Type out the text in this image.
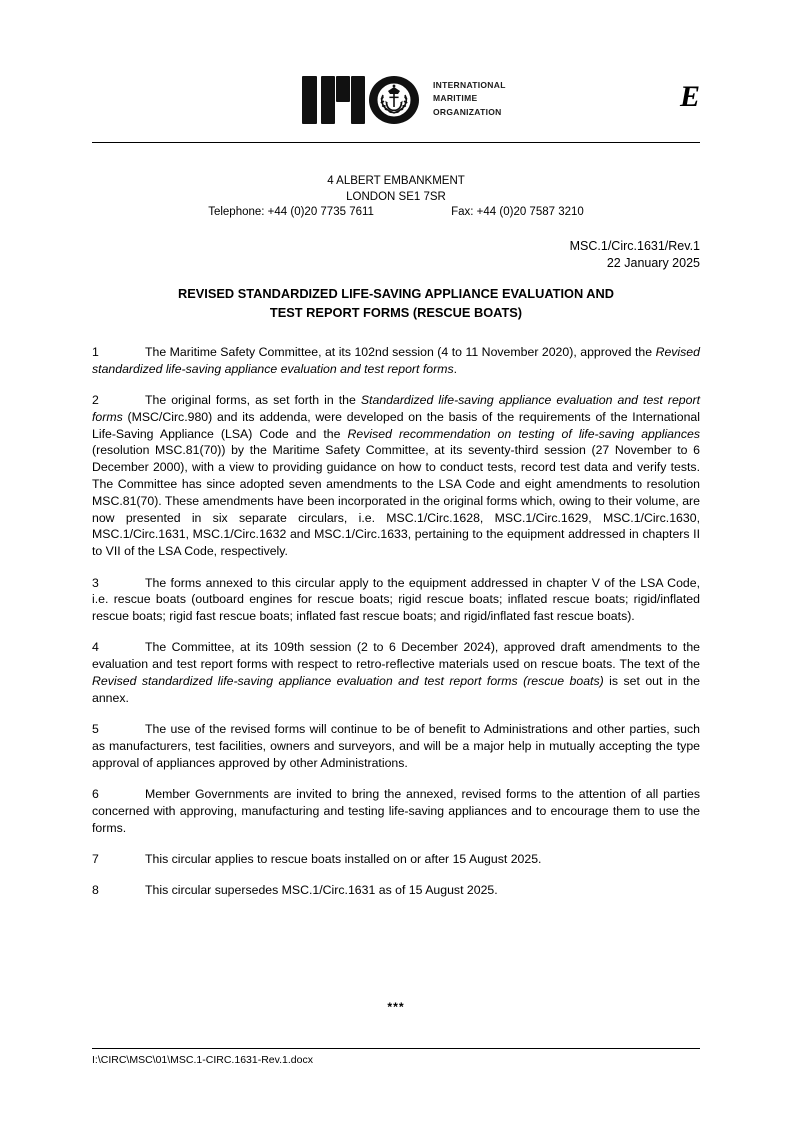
INTERNATIONAL
MARITIME
ORGANIZATION	E
4 ALBERT EMBANKMENT
LONDON SE1 7SR
Telephone: +44 (0)20 7735 7611	Fax: +44 (0)20 7587 3210
MSC.1/Circ.1631/Rev.1
22 January 2025
REVISED STANDARDIZED LIFE-SAVING APPLIANCE EVALUATION AND
TEST REPORT FORMS (RESCUE BOATS)

1	The Maritime Safety Committee, at its 102nd session (4 to 11 November 2020), approved the Revised standardized life-saving appliance evaluation and test report forms.

2	The original forms, as set forth in the Standardized life-saving appliance evaluation and test report forms (MSC/Circ.980) and its addenda, were developed on the basis of the requirements of the International Life-Saving Appliance (LSA) Code and the Revised recommendation on testing of life-saving appliances (resolution MSC.81(70)) by the Maritime Safety Committee, at its seventy-third session (27 November to 6 December 2000), with a view to providing guidance on how to conduct tests, record test data and verify tests. The Committee has since adopted seven amendments to the LSA Code and eight amendments to resolution MSC.81(70). These amendments have been incorporated in the original forms which, owing to their volume, are now presented in six separate circulars, i.e. MSC.1/Circ.1628, MSC.1/Circ.1629, MSC.1/Circ.1630, MSC.1/Circ.1631, MSC.1/Circ.1632 and MSC.1/Circ.1633, pertaining to the equipment addressed in chapters II to VII of the LSA Code, respectively.

3	The forms annexed to this circular apply to the equipment addressed in chapter V of the LSA Code, i.e. rescue boats (outboard engines for rescue boats; rigid rescue boats; inflated rescue boats; rigid/inflated rescue boats; rigid fast rescue boats; inflated fast rescue boats; and rigid/inflated fast rescue boats).

4	The Committee, at its 109th session (2 to 6 December 2024), approved draft amendments to the evaluation and test report forms with respect to retro-reflective materials used on rescue boats. The text of the Revised standardized life-saving appliance evaluation and test report forms (rescue boats) is set out in the annex.

5	The use of the revised forms will continue to be of benefit to Administrations and other parties, such as manufacturers, test facilities, owners and surveyors, and will be a major help in mutually accepting the type approval of appliances approved by other Administrations.

6	Member Governments are invited to bring the annexed, revised forms to the attention of all parties concerned with approving, manufacturing and testing life-saving appliances and to encourage them to use the forms.

7	This circular applies to rescue boats installed on or after 15 August 2025.

8	This circular supersedes MSC.1/Circ.1631 as of 15 August 2025.

***
I:\CIRC\MSC\01\MSC.1-CIRC.1631-Rev.1.docx
